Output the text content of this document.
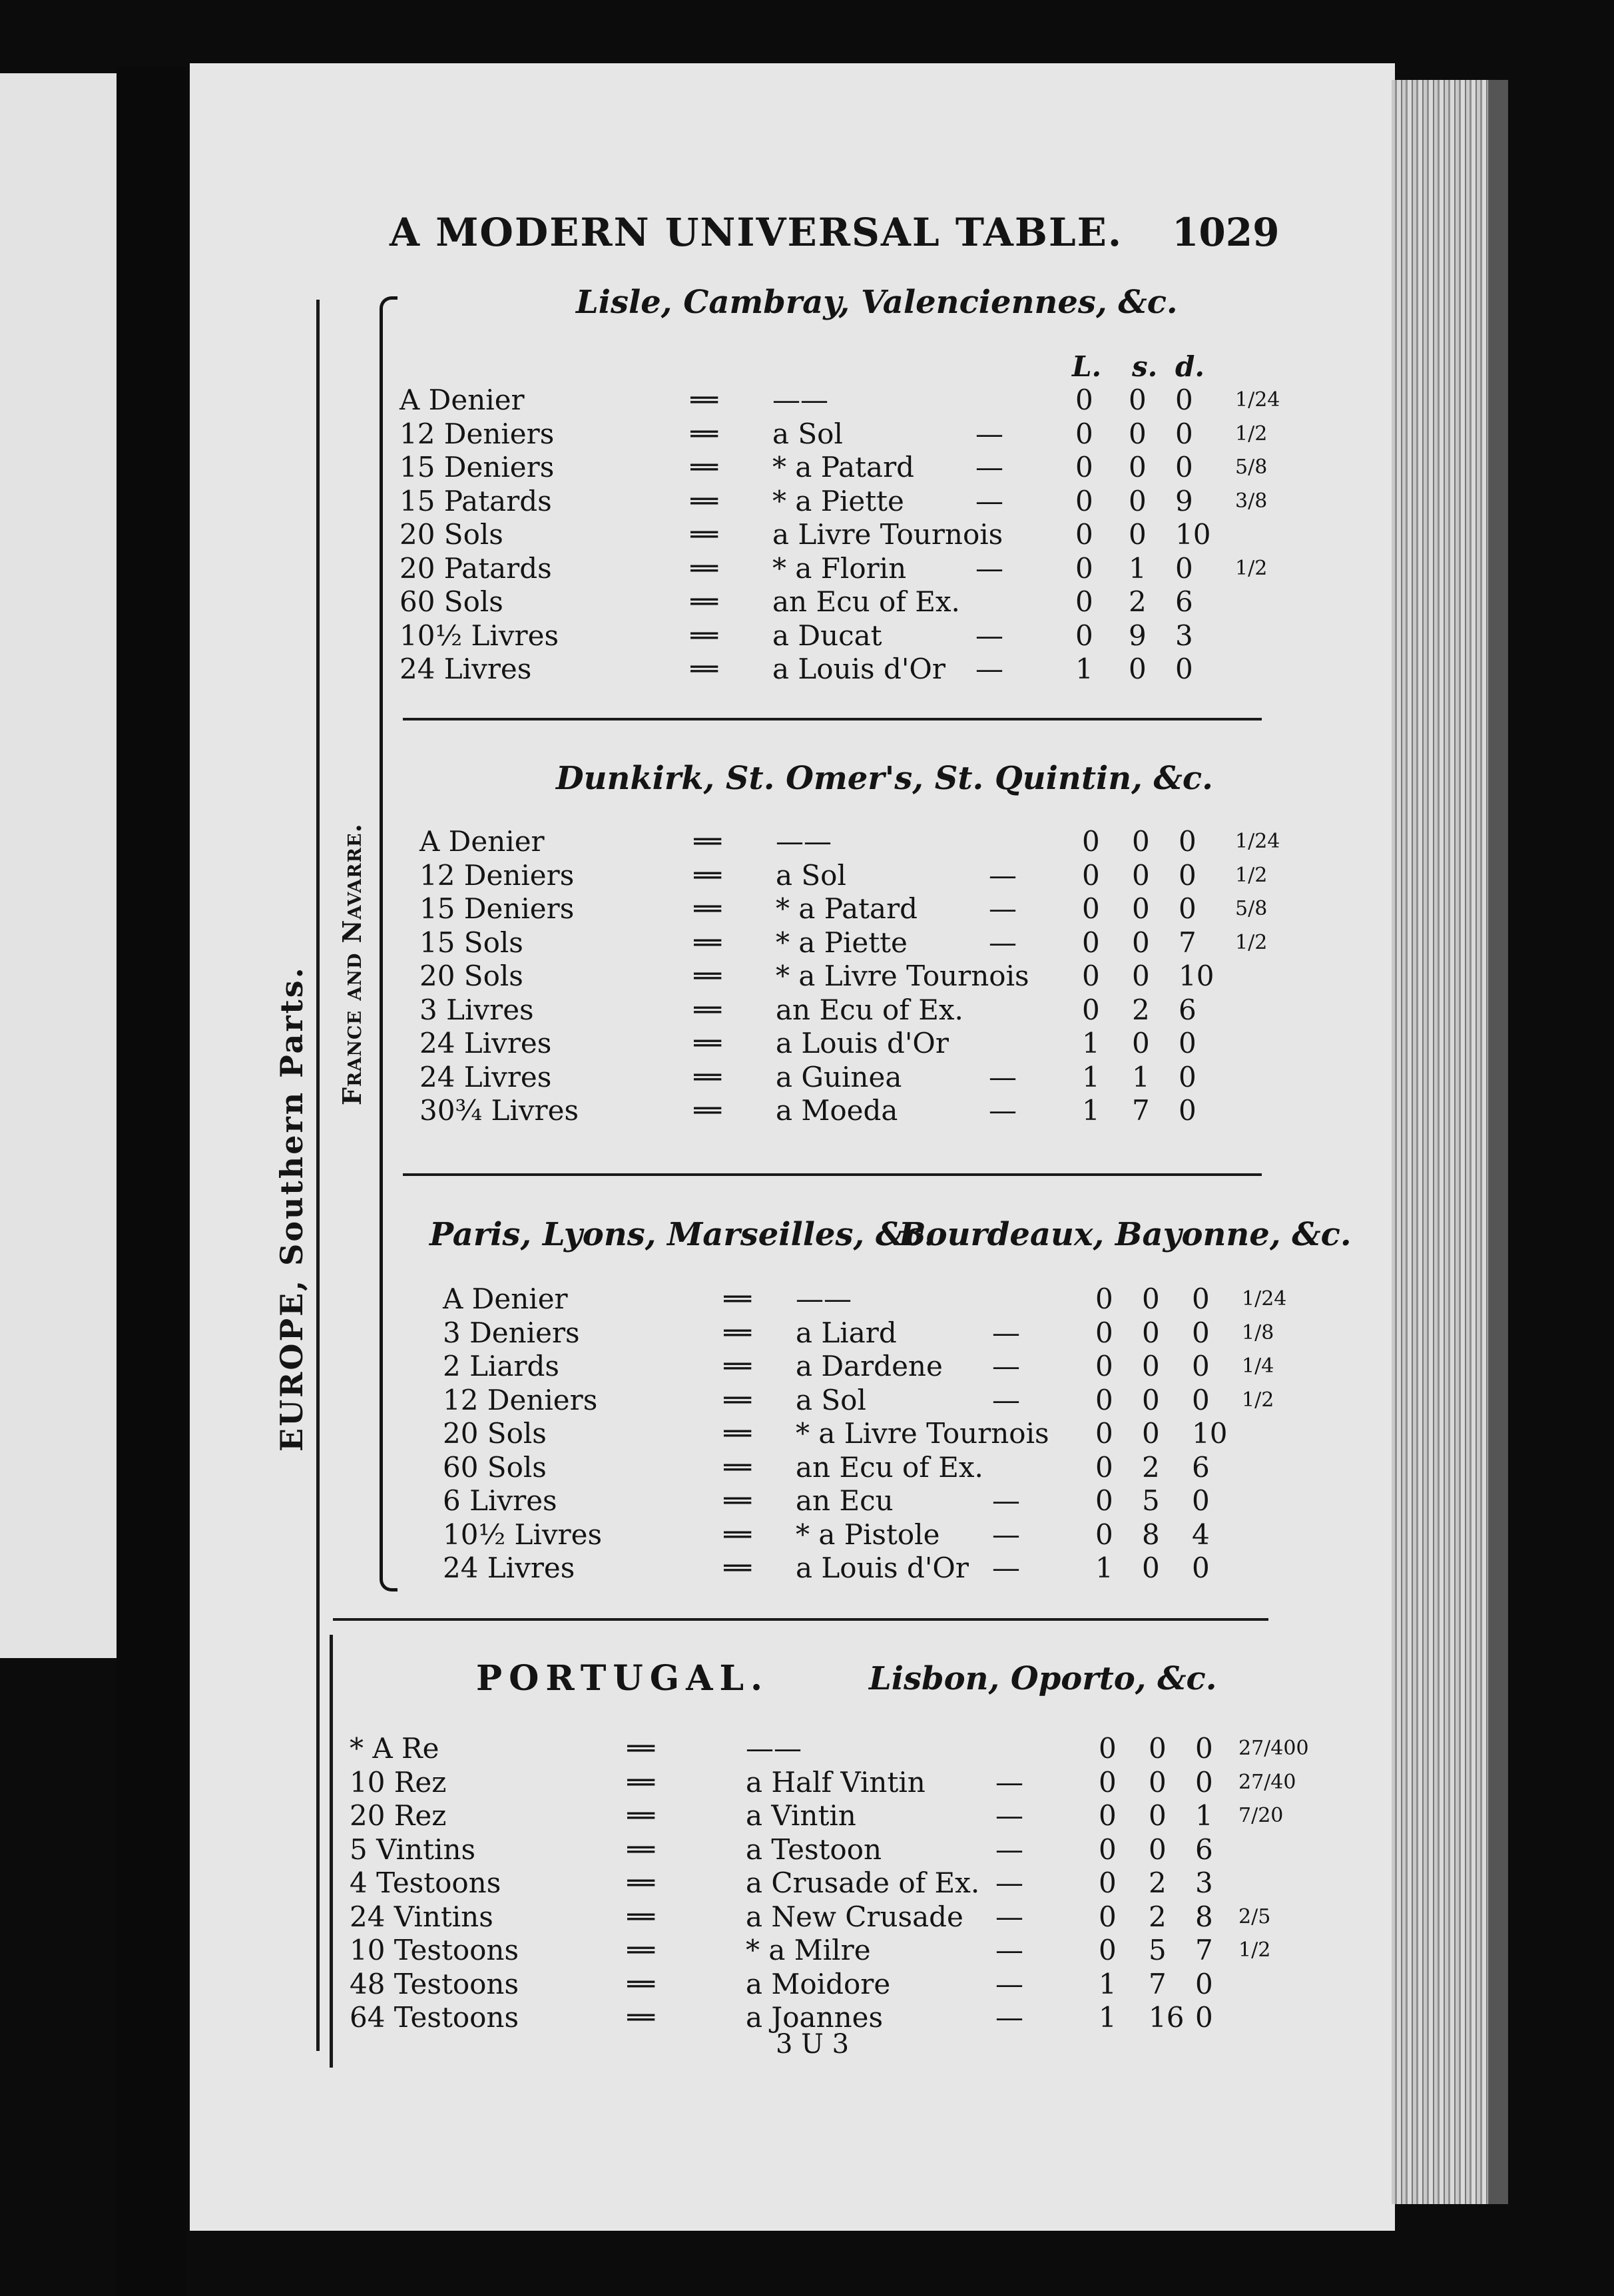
A MODERN UNIVERSAL TABLE. 1029
EUROPE, Southern Parts.
France and Navarre.
Lisle, Cambray, Valenciennes, &c.
L. s. d.
A Denier	= ——	0 0 0 1/24
12 Deniers	= a Sol	—	0 0 0 1/2
15 Deniers	= * a Patard —	0 0 0 5/8
15 Patards	= * a Piette	—	0 0 9 3/8
20 Sols	= a Livre Tournois	0 0 10
20 Patards	= * a Florin —	0 1 0 1/2
60 Sols	= an Ecu of Ex.	0 2 6
10½ Livres	= a Ducat	—	0 9 3
24 Livres	= a Louis d'Or —	1 0 0
Dunkirk, St. Omer's, St. Quintin, &c.
A Denier	= ——	0 0 0 1/24
12 Deniers	= a Sol	— 0 0 0 1/2
15 Deniers	= * a Patard	— 0 0 0 5/8
15 Sols	= * a Piette	— 0 0 7 1/2
20 Sols	= * a Livre Tournois 0 0 10
3 Livres	= an Ecu of Ex.	0 2 6
24 Livres	= a Louis d'Or	1 0 0
24 Livres	= a Guinea	— 1 1 0
30¾ Livres	= a Moeda	— 1 7 0
Paris, Lyons, Marseilles, &c.
Bourdeaux, Bayonne, &c.
A Denier	= ——	0 0 0 1/24
3 Deniers	= a Liard	—	0 0 0 1/8
2 Liards	= a Dardene —	0 0 0 1/4
12 Deniers	= a Sol	—	0 0 0 1/2
20 Sols	= * a Livre Tournois 0 0 10
60 Sols	= an Ecu of Ex.	0 2 6
6 Livres	= an Ecu	—	0 5 0
10½ Livres	= * a Pistole —	0 8 4
24 Livres	= a Louis d'Or —	1 0 0
PORTUGAL.	Lisbon, Oporto, &c.
* A Re	=	——	0 0 0 27/400
10 Rez	=	a Half Vintin	—	0 0 0 27/40
20 Rez	=	a Vintin	—	0 0 1 7/20
5 Vintins	=	a Testoon	—	0 0 6
4 Testoons	=	a Crusade of Ex. —	0 2 3
24 Vintins	=	a New Crusade —	0 2 8 2/5
10 Testoons	=	* a Milre	—	0 5 7 1/2
48 Testoons	=	a Moidore	—	1 7 0
64 Testoons	=	a Joannes	—	1 16 0
3 U 3
